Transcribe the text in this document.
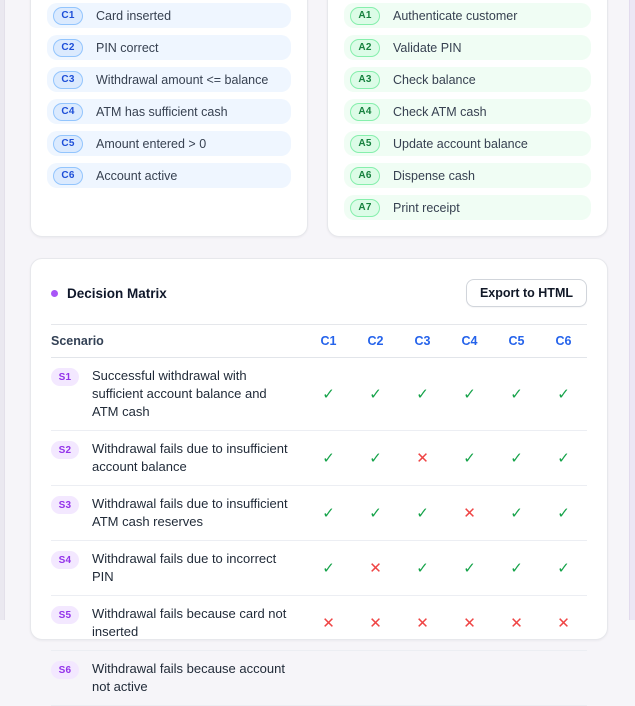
C1	Card inserted
C2	PIN correct
C3	Withdrawal amount <= balance
C4	ATM has sufficient cash
C5	Amount entered > 0
C6	Account active
A1	Authenticate customer
A2	Validate PIN
A3	Check balance
A4	Check ATM cash
A5	Update account balance
A6	Dispense cash
A7	Print receipt
Decision Matrix	Export to HTML
Scenario	C1	C2	C3	C4	C5	C6

S1 Successful withdrawal with sufficient account balance and ATM cash	✓	✓	✓	✓	✓	✓

S2 Withdrawal fails due to insufficient account balance	✓	✓	✕	✓	✓	✓

S3 Withdrawal fails due to insufficient ATM cash reserves	✓	✓	✓	✕	✓	✓

S4 Withdrawal fails due to incorrect PIN	✓	✕	✓	✓	✓	✓

S5 Withdrawal fails because card not inserted	✕	✕	✕	✕	✕	✕

S6 Withdrawal fails because account not active						
